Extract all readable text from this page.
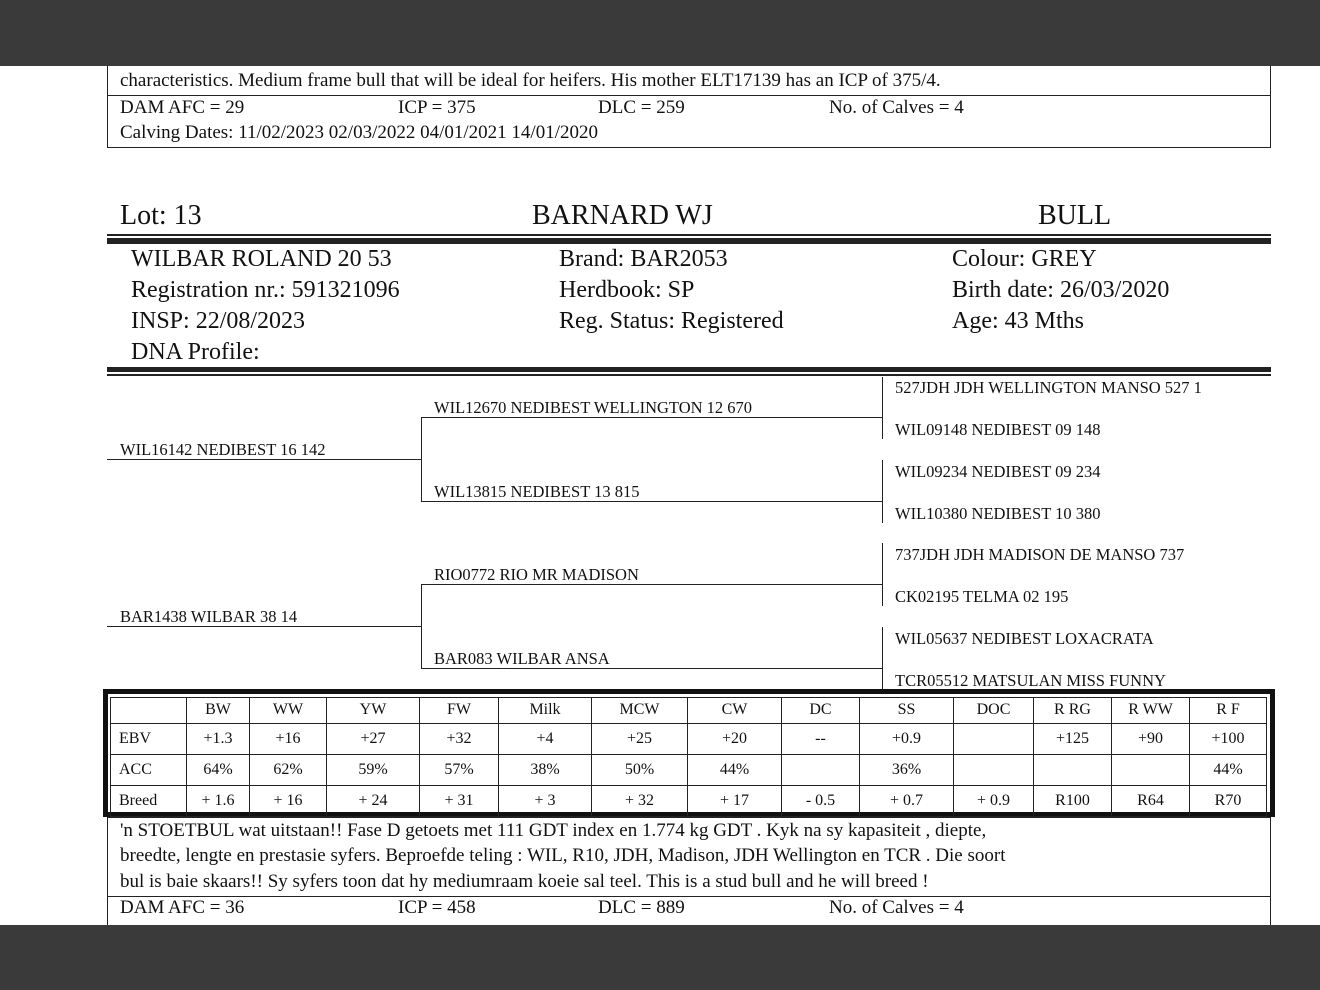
characteristics. Medium frame bull that will be ideal for heifers. His mother ELT17139 has an ICP of 375/4.
DAM AFC = 29	ICP = 375	DLC = 259	No. of Calves = 4
Calving Dates: 11/02/2023 02/03/2022 04/01/2021 14/01/2020
Lot: 13	BARNARD WJ	BULL
WILBAR ROLAND 20 53
Registration nr.: 591321096
INSP: 22/08/2023
DNA Profile:
Brand: BAR2053
Herdbook: SP
Reg. Status: Registered
Colour: GREY
Birth date: 26/03/2020
Age: 43 Mths
WIL16142 NEDIBEST 16 142
BAR1438 WILBAR 38 14
WIL12670 NEDIBEST WELLINGTON 12 670
WIL13815 NEDIBEST 13 815
RIO0772 RIO MR MADISON
BAR083 WILBAR ANSA
527JDH JDH WELLINGTON MANSO 527 1
WIL09148 NEDIBEST 09 148
WIL09234 NEDIBEST 09 234
WIL10380 NEDIBEST 10 380
737JDH JDH MADISON DE MANSO 737
CK02195 TELMA 02 195
WIL05637 NEDIBEST LOXACRATA
TCR05512 MATSULAN MISS FUNNY
	BW	WW	YW	FW	Milk	MCW	CW	DC	SS	DOC	R RG	R WW	R F
EBV	+1.3	+16	+27	+32	+4	+25	+20	--	+0.9		+125	+90	+100
ACC	64%	62%	59%	57%	38%	50%	44%		36%				44%
Breed	+ 1.6	+ 16	+ 24	+ 31	+ 3	+ 32	+ 17	- 0.5	+ 0.7	+ 0.9	R100	R64	R70
'n STOETBUL wat uitstaan!! Fase D getoets met 111 GDT index en 1.774 kg GDT . Kyk na sy kapasiteit , diepte,
breedte, lengte en prestasie syfers. Beproefde teling : WIL, R10, JDH, Madison, JDH Wellington en TCR . Die soort
bul is baie skaars!! Sy syfers toon dat hy mediumraam koeie sal teel. This is a stud bull and he will breed !
DAM AFC = 36	ICP = 458	DLC = 889	No. of Calves = 4
